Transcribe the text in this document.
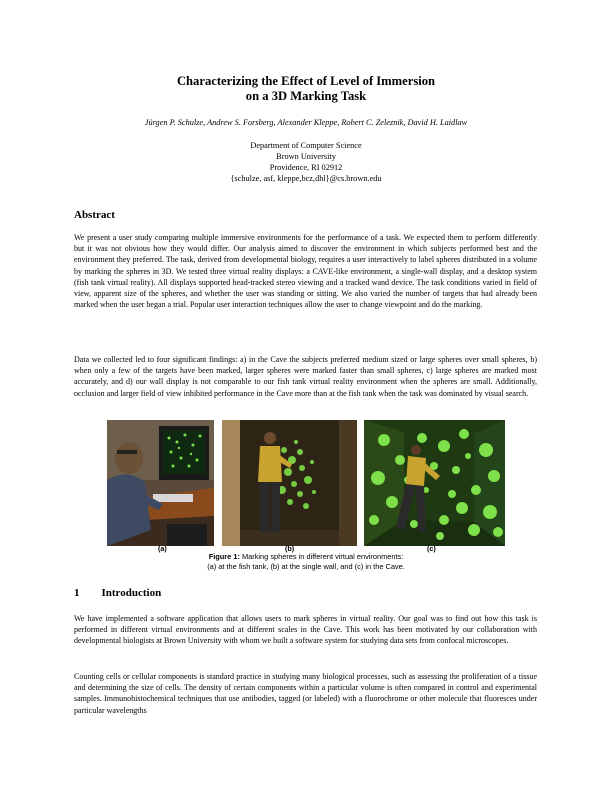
Characterizing the Effect of Level of Immersion
on a 3D Marking Task
Jürgen P. Schulze, Andrew S. Forsberg, Alexander Kleppe, Robert C. Zeleznik, David H. Laidlaw
Department of Computer Science
Brown University
Providence, RI 02912
{schulze, asf, kleppe,bcz,dhl}@cs.brown.edu
Abstract
We present a user study comparing multiple immersive environments for the performance of a task. We expected them to perform differently but it was not obvious how they would differ. Our analysis aimed to discover the environment in which subjects performed best and the environment they preferred. The task, derived from developmental biology, requires a user interactively to label spheres distributed in a volume by marking the spheres in 3D. We tested three virtual reality displays: a CAVE-like environment, a single-wall display, and a desktop system (fish tank virtual reality). All displays supported head-tracked stereo viewing and a tracked wand device. The task conditions varied in field of view, apparent size of the spheres, and whether the user was standing or sitting. We also varied the number of targets that had already been marked when the user began a trial. Popular user interaction techniques allow the user to change viewpoint and do the marking.
Data we collected led to four significant findings: a) in the Cave the subjects preferred medium sized or large spheres over small spheres, b) when only a few of the targets have been marked, larger spheres were marked faster than small spheres, c) large spheres are marked most accurately, and d) our wall display is not comparable to our fish tank virtual reality environment when the spheres are small. Additionally, occlusion and larger field of view inhibited performance in the Cave more than at the fish tank when the task was dominated by visual search.
(a)	(b)	(c)
Figure 1: Marking spheres in different virtual environments:
(a) at the fish tank, (b) at the single wall, and (c) in the Cave.
1 Introduction
We have implemented a software application that allows users to mark spheres in virtual reality. Our goal was to find out how this task is performed in different virtual environments and at different scales in the Cave. This work has been motivated by our collaboration with developmental biologists at Brown University with whom we built a software system for studying data sets from confocal microscopes.
Counting cells or cellular components is standard practice in studying many biological processes, such as assessing the proliferation of a tissue and determining the size of cells. The density of certain components within a particular volume is often compared in control and experimental samples. Immunohistochemical techniques that use antibodies, tagged (or labeled) with a fluorochrome or other molecule that fluoresces under particular wavelengths
